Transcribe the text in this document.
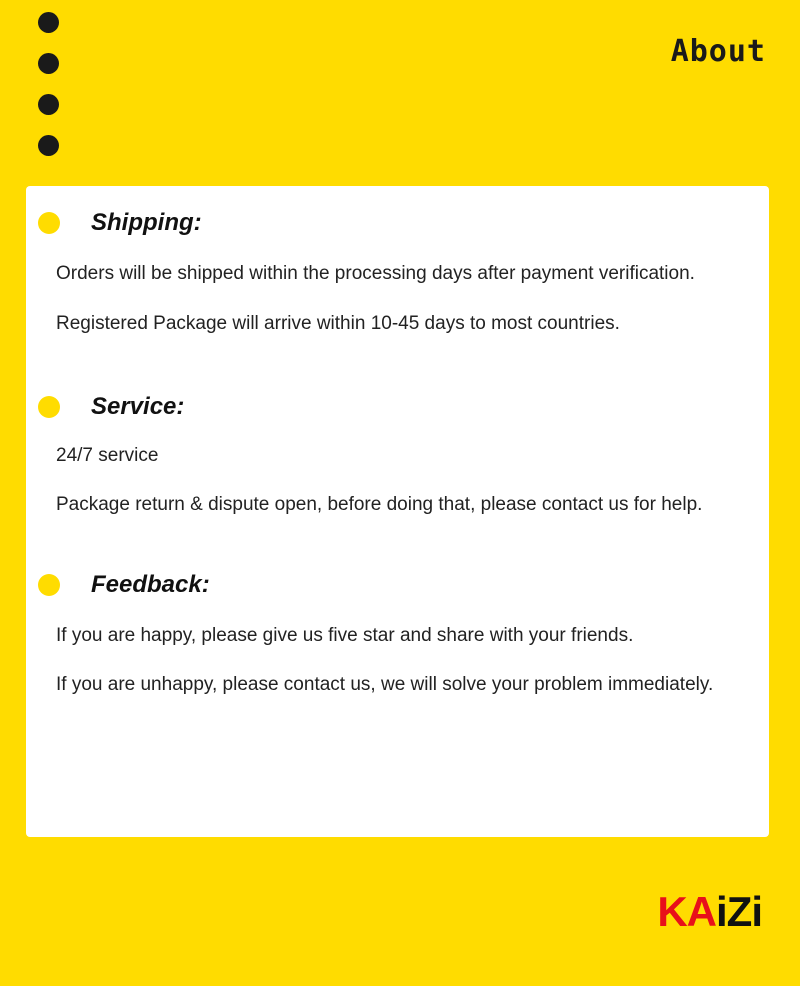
About
Shipping:
Orders will be shipped within the processing days after payment verification.
Registered Package will arrive within 10-45 days to most countries.
Service:
24/7 service
Package return & dispute open, before doing that, please contact us for help.
Feedback:
If you are happy, please give us five star and share with your friends.
If you are unhappy, please contact us, we will solve your problem immediately.
KAiZi
